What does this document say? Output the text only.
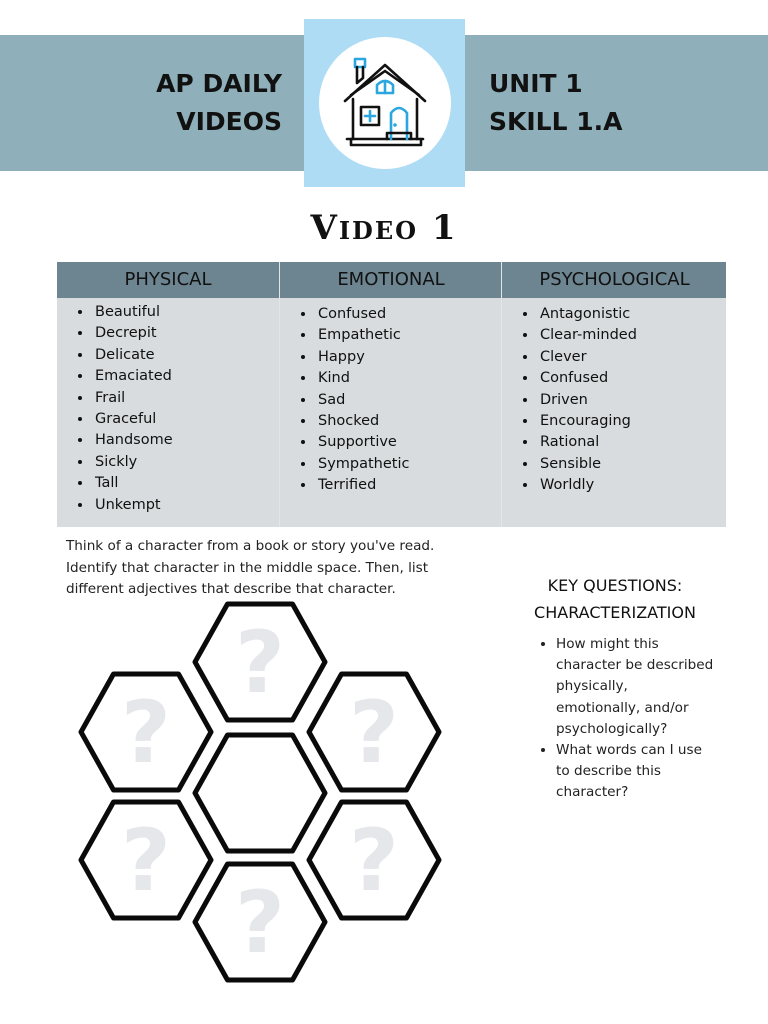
AP DAILY
VIDEOS
UNIT 1
SKILL 1.A
Video 1
PHYSICAL
• Beautiful
• Decrepit
• Delicate
• Emaciated
• Frail
• Graceful
• Handsome
• Sickly
• Tall
• Unkempt
EMOTIONAL
• Confused
• Empathetic
• Happy
• Kind
• Sad
• Shocked
• Supportive
• Sympathetic
• Terrified
PSYCHOLOGICAL
• Antagonistic
• Clear-minded
• Clever
• Confused
• Driven
• Encouraging
• Rational
• Sensible
• Worldly
Think of a character from a book or story you've read. Identify that character in the middle space. Then, list different adjectives that describe that character.	KEY QUESTIONS:
CHARACTERIZATION
• How might this character be described physically, emotionally, and/or psychologically?
• What words can I use to describe this character?
?
? ?
? ?
?
